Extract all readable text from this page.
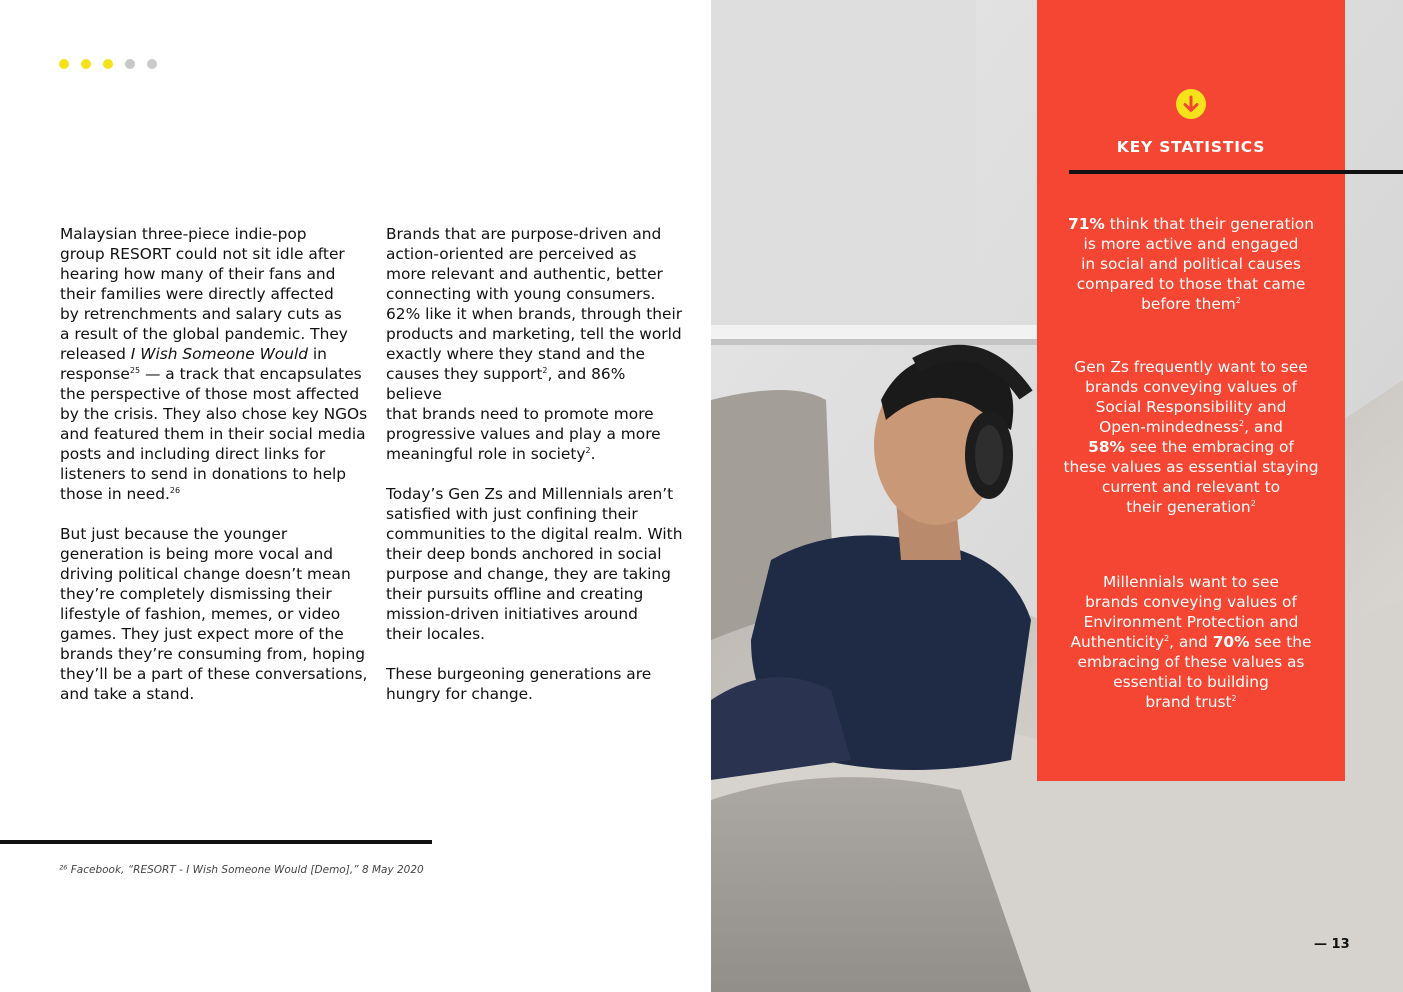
Malaysian three-piece indie-pop
group RESORT could not sit idle after
hearing how many of their fans and
their families were directly affected
by retrenchments and salary cuts as
a result of the global pandemic. They
released I Wish Someone Would in
response$^{25}$ — a track that encapsulates
the perspective of those most affected
by the crisis. They also chose key NGOs
and featured them in their social media
posts and including direct links for
listeners to send in donations to help
those in need.$^{26}$

But just because the younger
generation is being more vocal and
driving political change doesn’t mean
they’re completely dismissing their
lifestyle of fashion, memes, or video
games. They just expect more of the
brands they’re consuming from, hoping
they’ll be a part of these conversations,
and take a stand.

Brands that are purpose-driven and
action-oriented are perceived as
more relevant and authentic, better
connecting with young consumers.
62% like it when brands, through their
products and marketing, tell the world
exactly where they stand and the
causes they support$^2$, and 86% believe
that brands need to promote more
progressive values and play a more
meaningful role in society$^2$.

Today’s Gen Zs and Millennials aren’t
satisfied with just confining their
communities to the digital realm. With
their deep bonds anchored in social
purpose and change, they are taking
their pursuits offline and creating
mission-driven initiatives around
their locales.

These burgeoning generations are
hungry for change.

²⁶ Facebook, “RESORT - I Wish Someone Would [Demo],” 8 May 2020
KEY STATISTICS
71% think that their generation
is more active and engaged
in social and political causes
compared to those that came
before them$^2$
Gen Zs frequently want to see
brands conveying values of
Social Responsibility and
Open-mindedness$^2$, and
58% see the embracing of
these values as essential staying
current and relevant to
their generation$^2$
Millennials want to see
brands conveying values of
Environment Protection and
Authenticity$^2$, and 70% see the
embracing of these values as
essential to building
brand trust$^2$
— 13
